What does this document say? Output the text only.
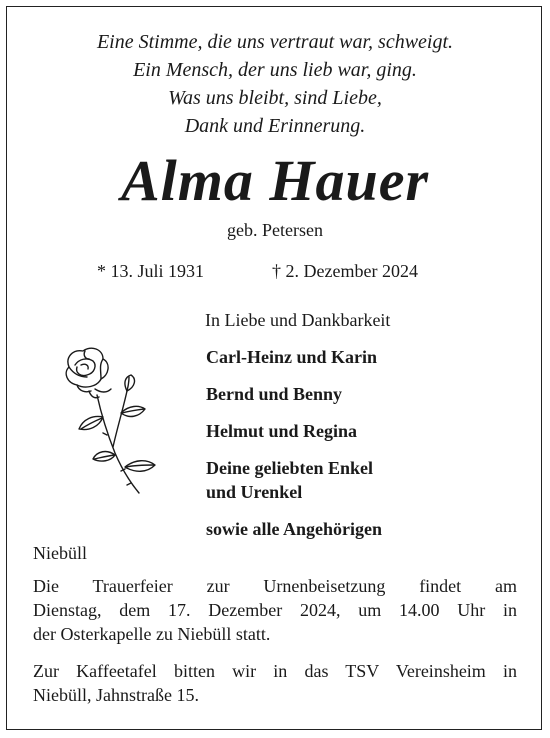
Eine Stimme, die uns vertraut war, schweigt.
Ein Mensch, der uns lieb war, ging.
Was uns bleibt, sind Liebe,
Dank und Erinnerung.
Alma Hauer
geb. Petersen
* 13. Juli 1931	† 2. Dezember 2024
In Liebe und Dankbarkeit
Carl-Heinz und Karin
Bernd und Benny
Helmut und Regina
Deine geliebten Enkel
und Urenkel
sowie alle Angehörigen
Niebüll
Die Trauerfeier zur Urnenbeisetzung findet am
Dienstag, dem 17. Dezember 2024, um 14.00 Uhr in
der Osterkapelle zu Niebüll statt.
Zur Kaffeetafel bitten wir in das TSV Vereinsheim in
Niebüll, Jahnstraße 15.
